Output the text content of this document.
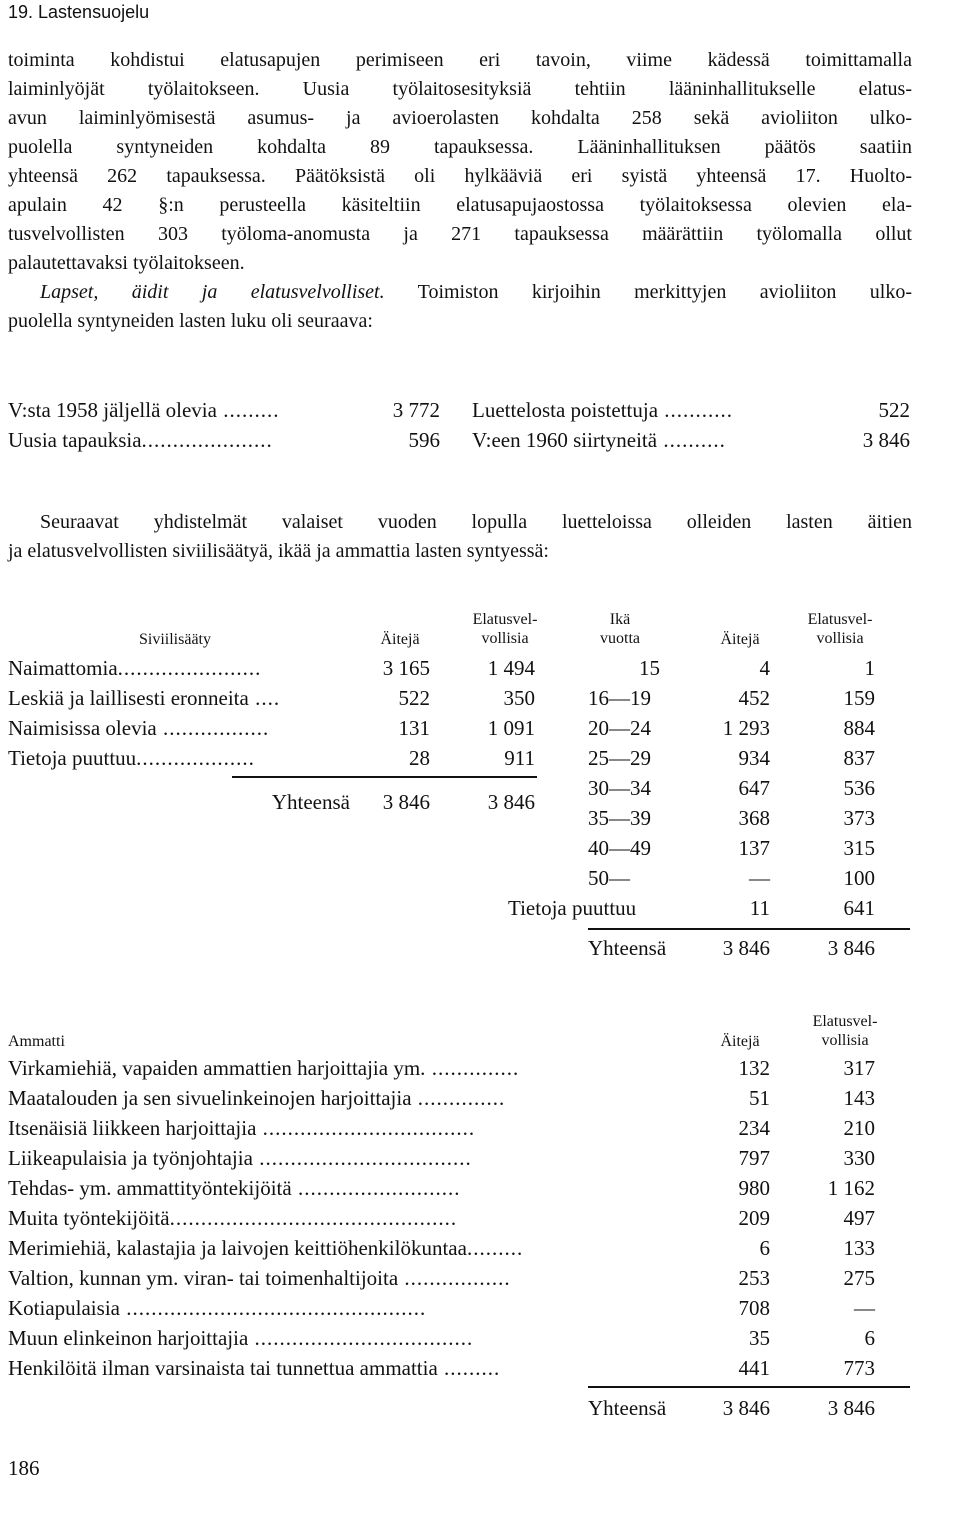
19. Lastensuojelu
toiminta kohdistui elatusapujen perimiseen eri tavoin, viime kädessä toimittamalla
laiminlyöjät työlaitokseen. Uusia työlaitosesityksiä tehtiin lääninhallitukselle elatus-
avun laiminlyömisestä asumus- ja avioerolasten kohdalta 258 sekä avioliiton ulko-
puolella syntyneiden kohdalta 89 tapauksessa. Lääninhallituksen päätös saatiin
yhteensä 262 tapauksessa. Päätöksistä oli hylkääviä eri syistä yhteensä 17. Huolto-
apulain 42 §:n perusteella käsiteltiin elatusapujaostossa työlaitoksessa olevien ela-
tusvelvollisten 303 työloma-anomusta ja 271 tapauksessa määrättiin työlomalla ollut
palautettavaksi työlaitokseen.
Lapset, äidit ja elatusvelvolliset. Toimiston kirjoihin merkittyjen avioliiton ulko-
puolella syntyneiden lasten luku oli seuraava:
V:sta 1958 jäljellä olevia .........	3 772
Uusia tapauksia.....................	596
Luettelosta poistettuja ...........	522
V:een 1960 siirtyneitä ..........	3 846
Seuraavat yhdistelmät valaiset vuoden lopulla luetteloissa olleiden lasten äitien
ja elatusvelvollisten siviilisäätyä, ikää ja ammattia lasten syntyessä:
Siviilisääty	Äitejä
Elatusvel-
vollisia
Ikä
vuotta	Äitejä
Elatusvel-
vollisia
Naimattomia.......................	3 165	1 494
Leskiä ja laillisesti eronneita ....	522	350
Naimisissa olevia .................	131	1 091
Tietoja puuttuu...................	28	911
Yhteensä	3 846	3 846
15	4	1
16—19	452	159
20—24	1 293	884
25—29	934	837
30—34	647	536
35—39	368	373
40—49	137	315
50—	—	100
Tietoja puuttuu	11	641
Yhteensä	3 846	3 846
Ammatti	Äitejä
Elatusvel-
vollisia
Virkamiehiä, vapaiden ammattien harjoittajia ym. ..............	132	317
Maatalouden ja sen sivuelinkeinojen harjoittajia ..............	51	143
Itsenäisiä liikkeen harjoittajia ..................................	234	210
Liikeapulaisia ja työnjohtajia ..................................	797	330
Tehdas- ym. ammattityöntekijöitä ..........................	980	1 162
Muita työntekijöitä..............................................	209	497
Merimiehiä, kalastajia ja laivojen keittiöhenkilökuntaa.........	6	133
Valtion, kunnan ym. viran- tai toimenhaltijoita .................	253	275
Kotiapulaisia ................................................	708	—
Muun elinkeinon harjoittajia ...................................	35	6
Henkilöitä ilman varsinaista tai tunnettua ammattia .........	441	773
Yhteensä	3 846	3 846
186
